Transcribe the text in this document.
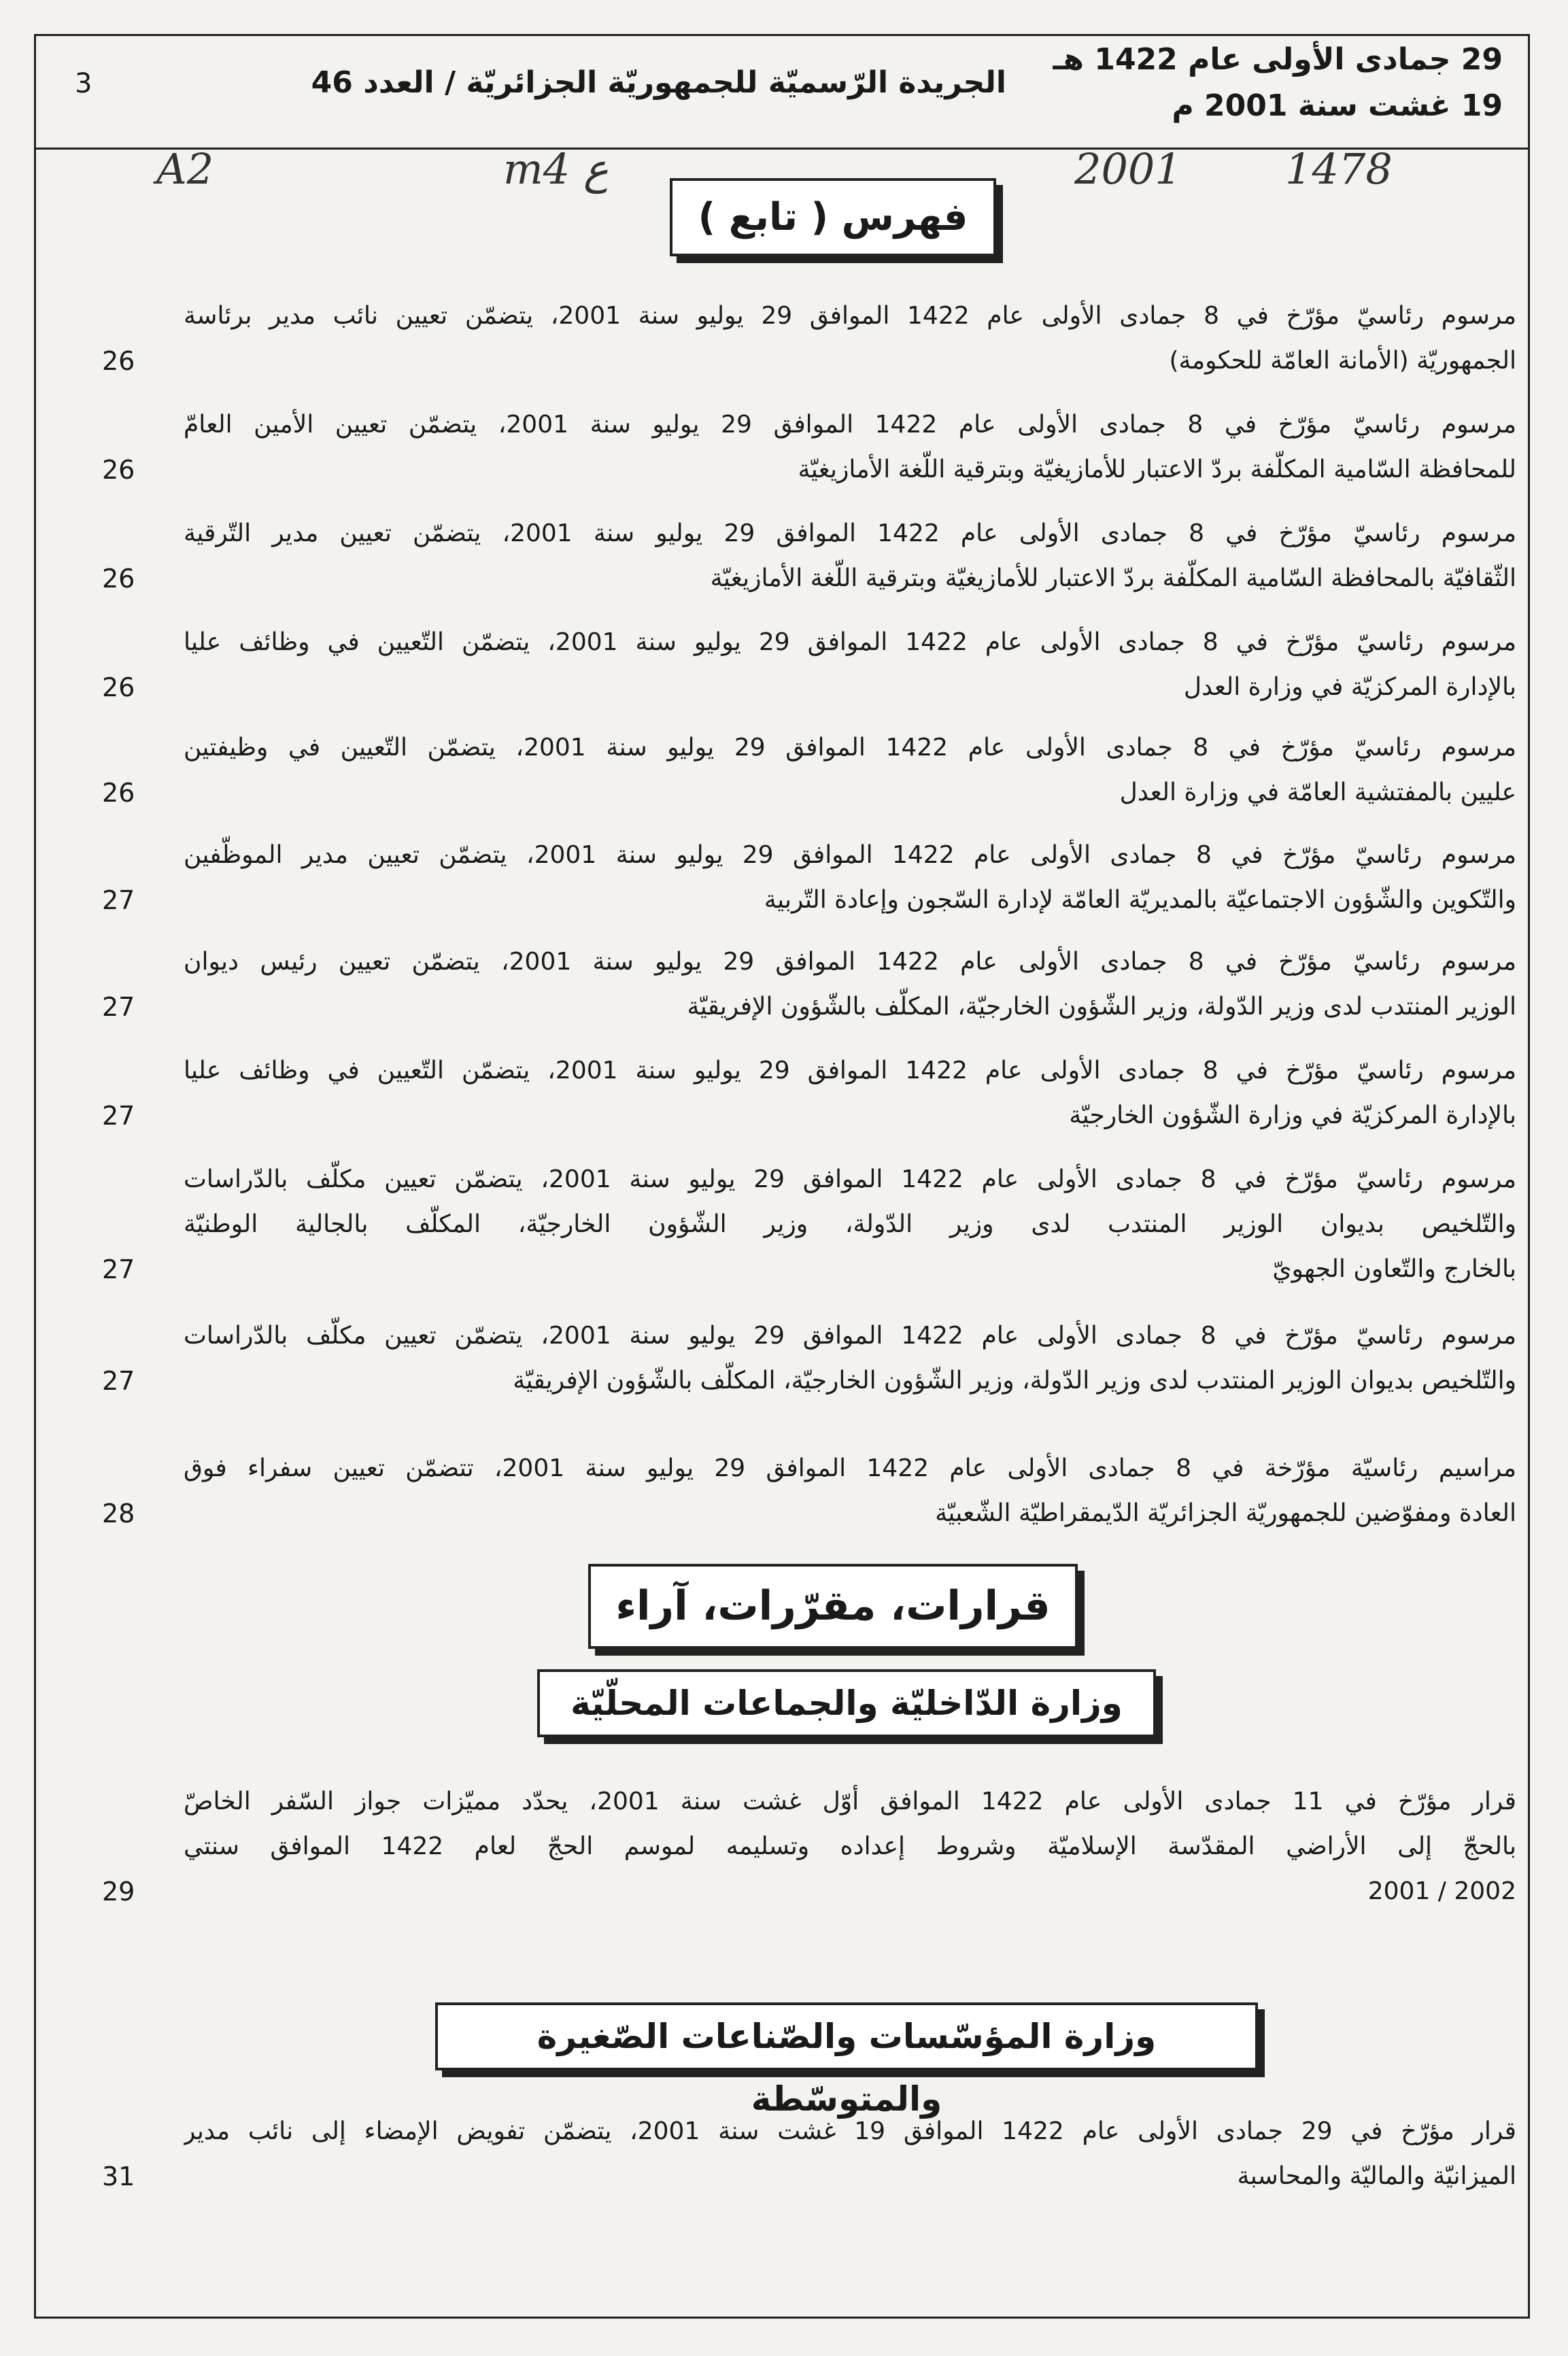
29 جمادى الأولى عام 1422 هـ
19 غشت سنة 2001 م
الجريدة الرّسميّة للجمهوريّة الجزائريّة / العدد 46
3
A2	m4 ع	2001 1478
فهرس ( تابع )
مرسوم رئاسيّ مؤرّخ في 8 جمادى الأولى عام 1422 الموافق 29 يوليو سنة 2001، يتضمّن تعيين نائب مدير برئاسة
الجمهوريّة (الأمانة العامّة للحكومة)
26
مرسوم رئاسيّ مؤرّخ في 8 جمادى الأولى عام 1422 الموافق 29 يوليو سنة 2001، يتضمّن تعيين الأمين العامّ
للمحافظة السّامية المكلّفة بردّ الاعتبار للأمازيغيّة وبترقية اللّغة الأمازيغيّة
26
مرسوم رئاسيّ مؤرّخ في 8 جمادى الأولى عام 1422 الموافق 29 يوليو سنة 2001، يتضمّن تعيين مدير التّرقية
الثّقافيّة بالمحافظة السّامية المكلّفة بردّ الاعتبار للأمازيغيّة وبترقية اللّغة الأمازيغيّة
26
مرسوم رئاسيّ مؤرّخ في 8 جمادى الأولى عام 1422 الموافق 29 يوليو سنة 2001، يتضمّن التّعيين في وظائف عليا
بالإدارة المركزيّة في وزارة العدل
26
مرسوم رئاسيّ مؤرّخ في 8 جمادى الأولى عام 1422 الموافق 29 يوليو سنة 2001، يتضمّن التّعيين في وظيفتين
عليين بالمفتشية العامّة في وزارة العدل
26
مرسوم رئاسيّ مؤرّخ في 8 جمادى الأولى عام 1422 الموافق 29 يوليو سنة 2001، يتضمّن تعيين مدير الموظّفين
والتّكوين والشّؤون الاجتماعيّة بالمديريّة العامّة لإدارة السّجون وإعادة التّربية
27
مرسوم رئاسيّ مؤرّخ في 8 جمادى الأولى عام 1422 الموافق 29 يوليو سنة 2001، يتضمّن تعيين رئيس ديوان
الوزير المنتدب لدى وزير الدّولة، وزير الشّؤون الخارجيّة، المكلّف بالشّؤون الإفريقيّة
27
مرسوم رئاسيّ مؤرّخ في 8 جمادى الأولى عام 1422 الموافق 29 يوليو سنة 2001، يتضمّن التّعيين في وظائف عليا
بالإدارة المركزيّة في وزارة الشّؤون الخارجيّة
27
مرسوم رئاسيّ مؤرّخ في 8 جمادى الأولى عام 1422 الموافق 29 يوليو سنة 2001، يتضمّن تعيين مكلّف بالدّراسات
والتّلخيص بديوان الوزير المنتدب لدى وزير الدّولة، وزير الشّؤون الخارجيّة، المكلّف بالجالية الوطنيّة
بالخارج والتّعاون الجهويّ
27
مرسوم رئاسيّ مؤرّخ في 8 جمادى الأولى عام 1422 الموافق 29 يوليو سنة 2001، يتضمّن تعيين مكلّف بالدّراسات
والتّلخيص بديوان الوزير المنتدب لدى وزير الدّولة، وزير الشّؤون الخارجيّة، المكلّف بالشّؤون الإفريقيّة
27
مراسيم رئاسيّة مؤرّخة في 8 جمادى الأولى عام 1422 الموافق 29 يوليو سنة 2001، تتضمّن تعيين سفراء فوق
العادة ومفوّضين للجمهوريّة الجزائريّة الدّيمقراطيّة الشّعبيّة
28
قرار مؤرّخ في 11 جمادى الأولى عام 1422 الموافق أوّل غشت سنة 2001، يحدّد مميّزات جواز السّفر الخاصّ
بالحجّ إلى الأراضي المقدّسة الإسلاميّة وشروط إعداده وتسليمه لموسم الحجّ لعام 1422 الموافق سنتي
2002 / 2001
29
قرار مؤرّخ في 29 جمادى الأولى عام 1422 الموافق 19 غشت سنة 2001، يتضمّن تفويض الإمضاء إلى نائب مدير
الميزانيّة والماليّة والمحاسبة
31
قرارات، مقرّرات، آراء
وزارة الدّاخليّة والجماعات المحلّيّة
وزارة المؤسّسات والصّناعات الصّغيرة والمتوسّطة
